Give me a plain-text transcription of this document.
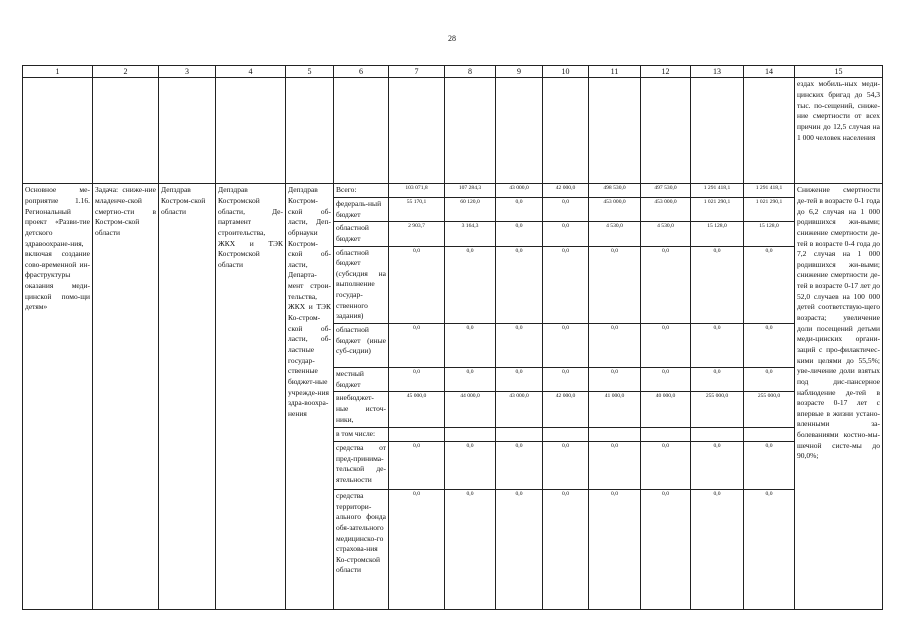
28
1	2	3	4	5	6	7	8	9	10	11	12	13	14	15
														ездах мобиль-ных меди-цинских бригад до 54,3 тыс. по-сещений, сниже-ние смертности от всех причин до 12,5 случая на 1 000 человек населения
Основное ме-роприятие 1.16. Региональный проект «Разви-тие детского здравоохране-ния, включая создание сово-временной ин-фраструктуры оказания меди-цинской помо-щи детям»	Задача: сниже-ние младенче-ской смертно-сти в Костром-ской области	Депздрав Костром-ской области	Депздрав Костромской области, Де-партамент строительства, ЖКХ и ТЭК Костромской области	Депздрав Костром-ской об-ласти, Деп-обрнауки Костром-ской об-ласти, Департа-мент строи-тельства, ЖКХ и ТЭК Ко-стром-ской об-ласти, об-ластные государ-ственные бюджет-ные учрежде-ния здра-воохра-нения	Всего:	103 071,8	107 284,3	43 000,0	42 000,0	498 530,0	497 530,0	1 291 418,1	1 291 418,1	Снижение смертности де-тей в возрасте 0-1 года до 6,2 случая на 1 000 родившихся жи-выми; снижение смертности де-тей в возрасте 0-4 года до 7,2 случая на 1 000 родившихся жи-выми; снижение смертности де-тей в возрасте 0-17 лет до 52,0 случаев на 100 000 детей соответствую-щего возраста; увеличение доли посещений детьми меди-цинских органи-заций с про-филактичес-кими целями до 55,5%; уве-личение доли взятых под дис-пансерное наблюдение де-тей в возрасте 0-17 лет с впервые в жизни устано-вленными за-болеваниями костно-мы-шечной систе-мы до 90,0%;
					федераль-ный бюджет	55 170,1	60 120,0	0,0	0,0	453 000,0	453 000,0	1 021 290,1	1 021 290,1	
					областной бюджет	2 903,7	3 164,3	0,0	0,0	4 530,0	4 530,0	15 128,0	15 128,0	
					областной бюджет (субсидия на выполнение государ-ственного задания)	0,0	0,0	0,0	0,0	0,0	0,0	0,0	0,0	
					областной бюджет (иные суб-сидии)	0,0	0,0	0,0	0,0	0,0	0,0	0,0	0,0	
					местный бюджет	0,0	0,0	0,0	0,0	0,0	0,0	0,0	0,0	
					внебюджет-ные источ-ники,	45 000,0	44 000,0	43 000,0	42 000,0	41 000,0	40 000,0	255 000,0	255 000,0	
					в том числе:									
					средства от пред-принима-тельской де-ятельности	0,0	0,0	0,0	0,0	0,0	0,0	0,0	0,0	
					средства территори-ального фонда обя-зательного медицинско-го страхова-ния Ко-стромской области	0,0	0,0	0,0	0,0	0,0	0,0	0,0	0,0	
